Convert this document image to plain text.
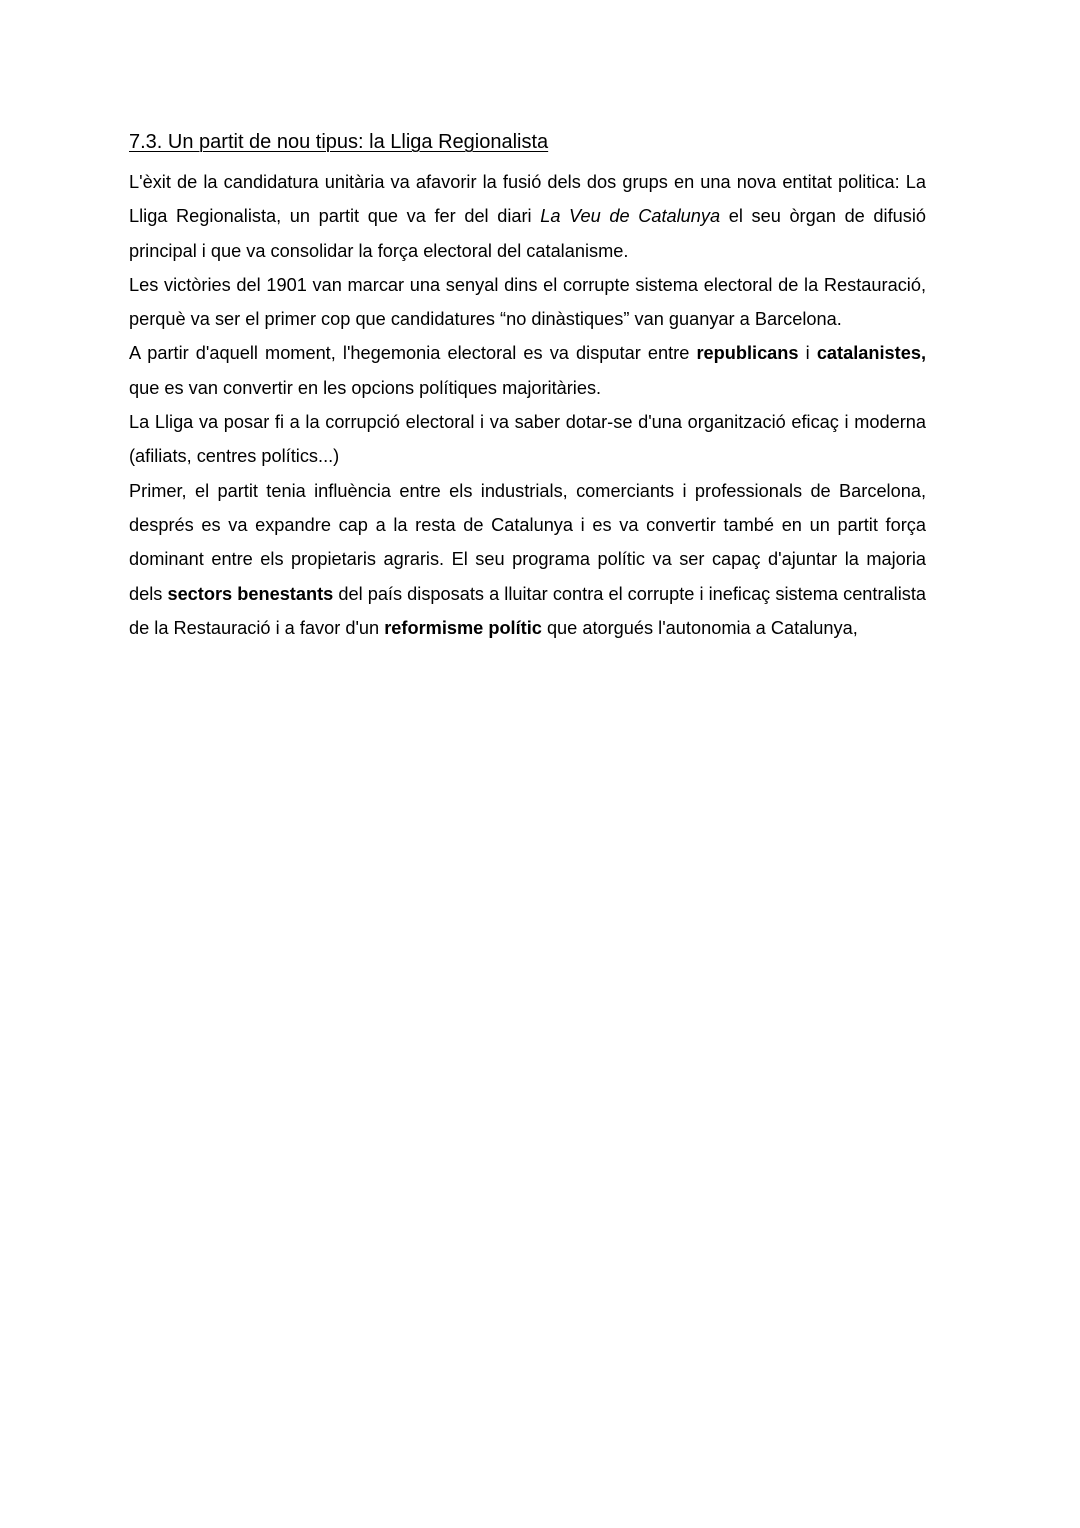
7.3. Un partit de nou tipus: la Lliga Regionalista

L'èxit de la candidatura unitària va afavorir la fusió dels dos grups en una nova entitat politica: La Lliga Regionalista, un partit que va fer del diari La Veu de Catalunya el seu òrgan de difusió principal i que va consolidar la força electoral del catalanisme.

Les victòries del 1901 van marcar una senyal dins el corrupte sistema electoral de la Restauració, perquè va ser el primer cop que candidatures “no dinàstiques” van guanyar a Barcelona.

A partir d'aquell moment, l'hegemonia electoral es va disputar entre republicans i catalanistes, que es van convertir en les opcions polítiques majoritàries.

La Lliga va posar fi a la corrupció electoral i va saber dotar-se d'una organització eficaç i moderna (afiliats, centres polítics...)

Primer, el partit tenia influència entre els industrials, comerciants i professionals de Barcelona, després es va expandre cap a la resta de Catalunya i es va convertir també en un partit força dominant entre els propietaris agraris. El seu programa polític va ser capaç d'ajuntar la majoria dels sectors benestants del país disposats a lluitar contra el corrupte i ineficaç sistema centralista de la Restauració i a favor d'un reformisme polític que atorgués l'autonomia a Catalunya,
